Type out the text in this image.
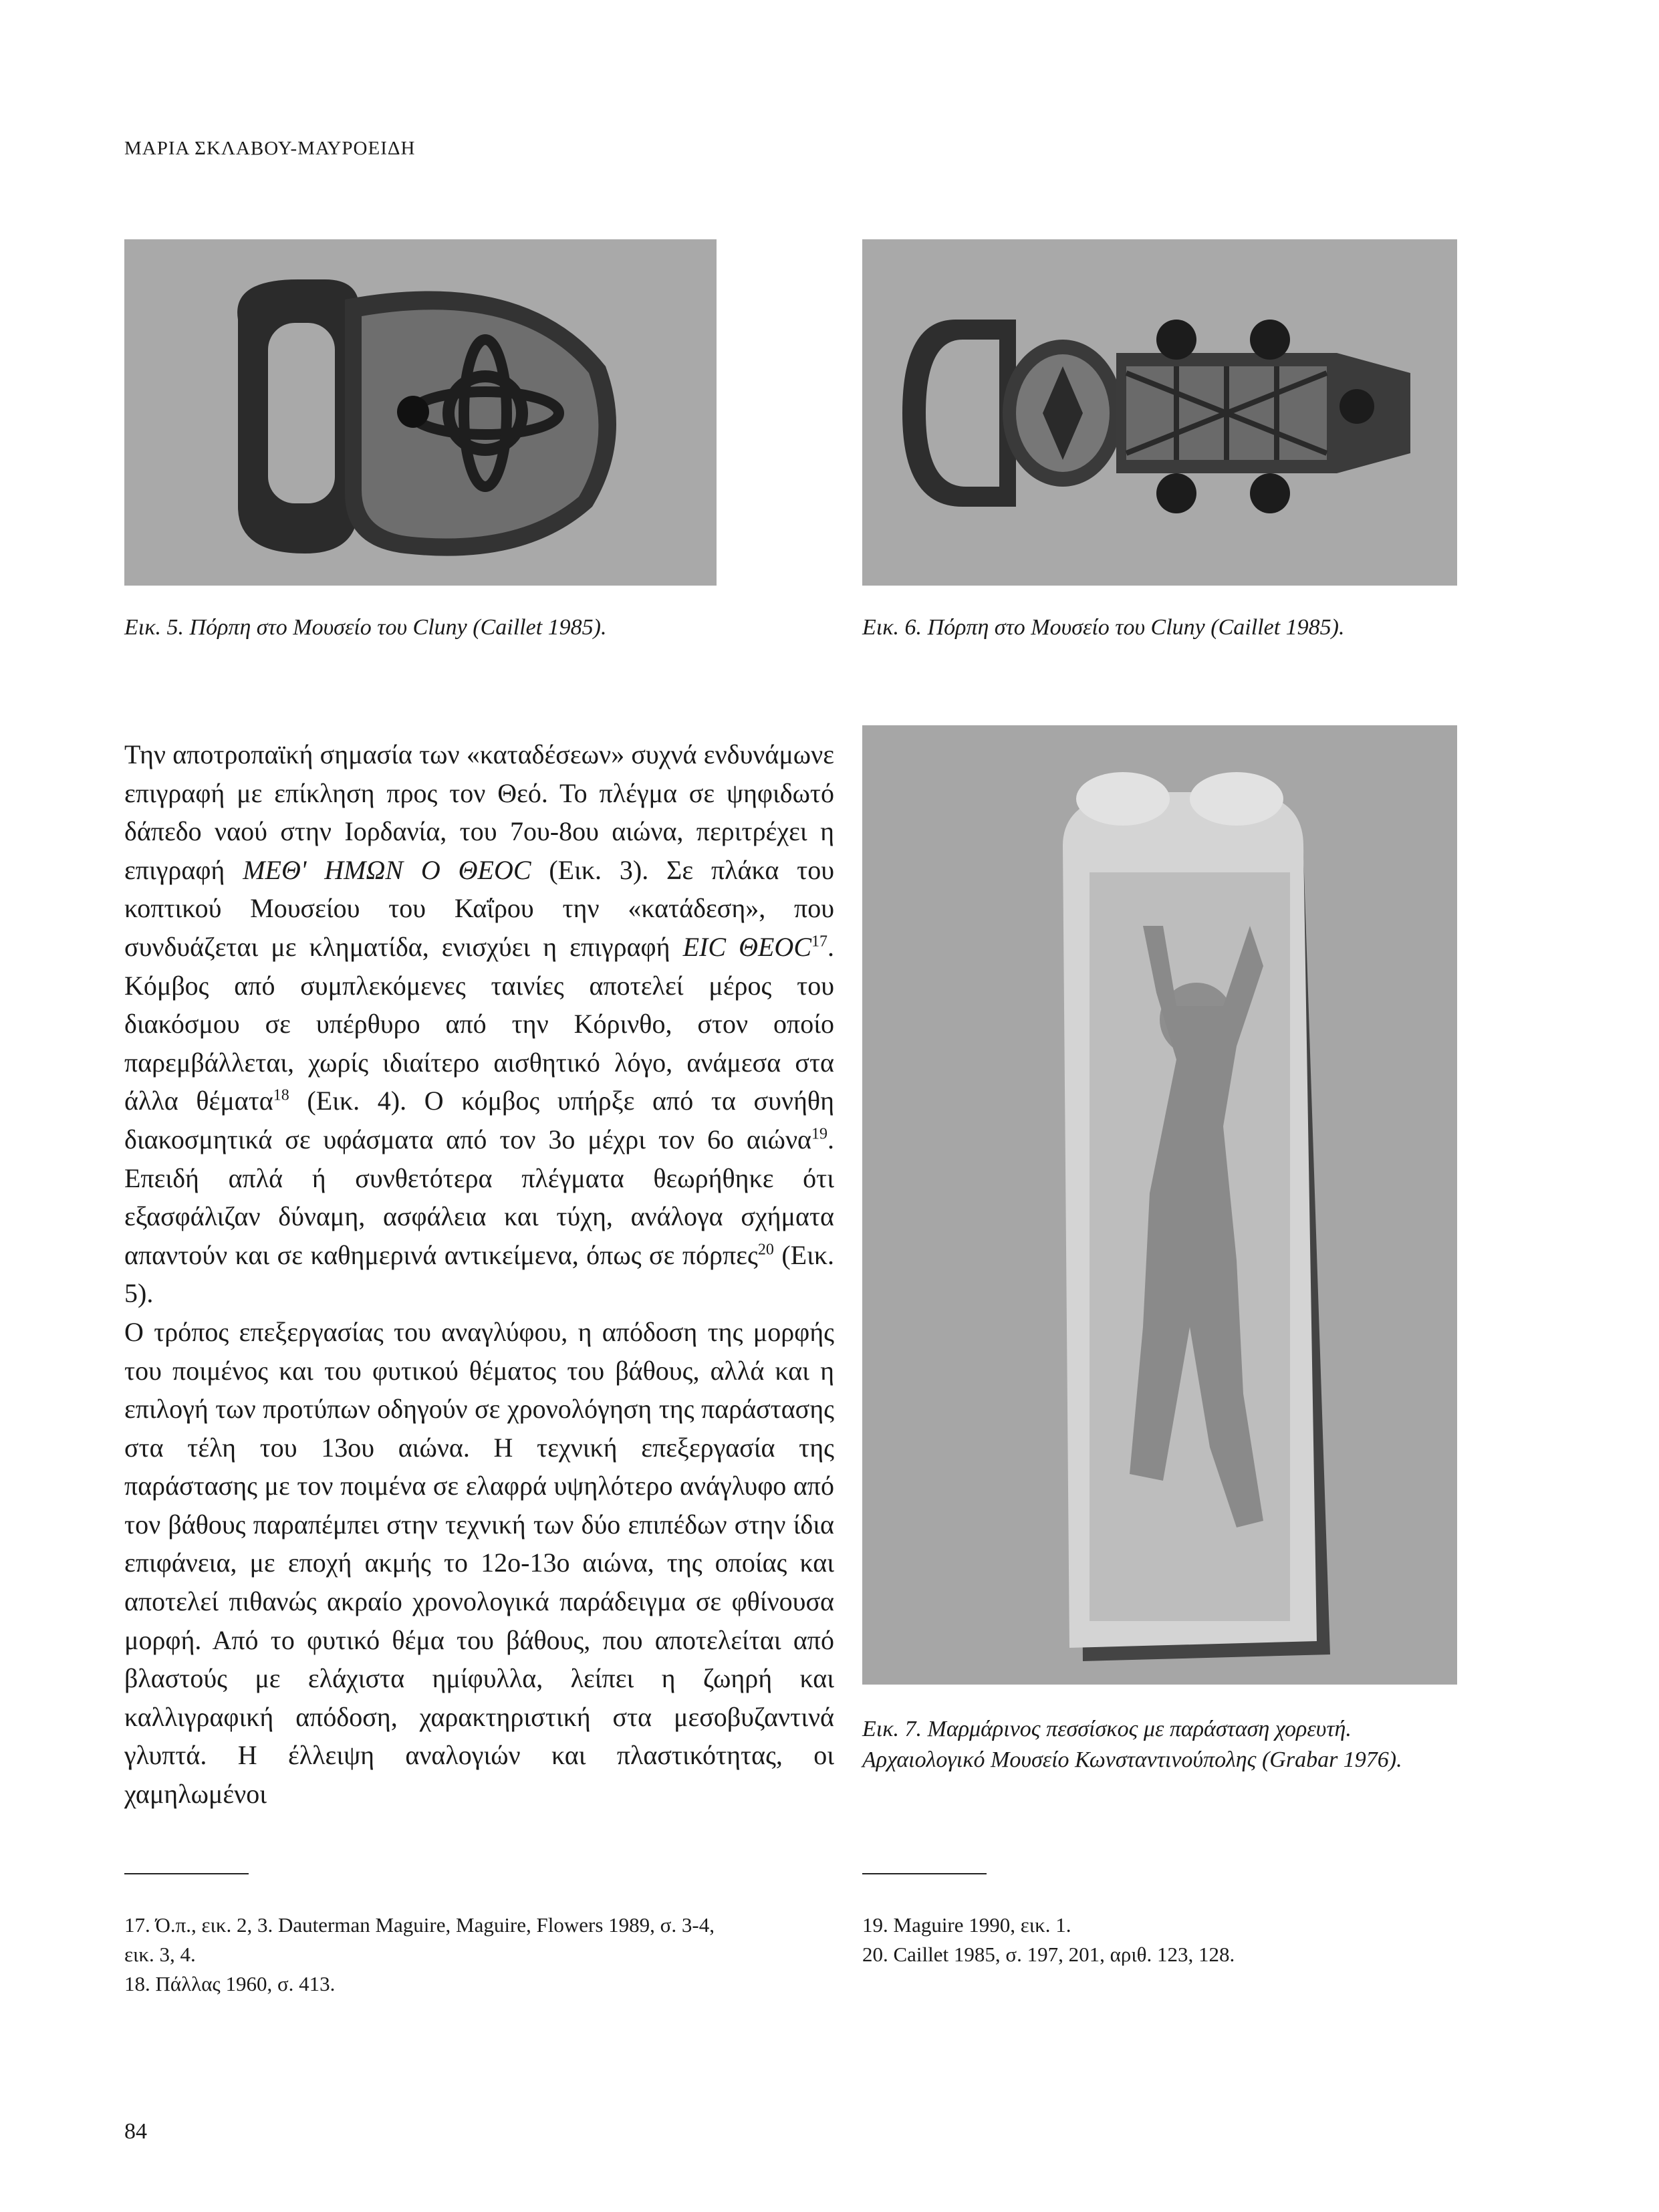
ΜΑΡΙΑ ΣΚΛΑΒΟΥ-ΜΑΥΡΟΕΙΔΗ
Εικ. 5. Πόρπη στο Μουσείο του Cluny (Caillet 1985).	Εικ. 6. Πόρπη στο Μουσείο του Cluny (Caillet 1985).

Την αποτροπαϊκή σημασία των «καταδέσεων» συχνά ενδυνάμωνε επιγραφή με επίκληση προς τον Θεό. Το πλέγμα σε ψηφιδωτό δάπεδο ναού στην Ιορδανία, του 7ου-8ου αιώνα, περιτρέχει η επιγραφή ΜΕΘ' ΗΜΩΝ Ο ΘΕΟC (Εικ. 3). Σε πλάκα του κοπτικού Μουσείου του Καΐρου την «κατάδεση», που συνδυάζεται με κληματίδα, ενισχύει η επιγραφή ΕΙC ΘΕΟC$^{17}$. Κόμβος από συμπλεκόμενες ταινίες αποτελεί μέρος του διακόσμου σε υπέρθυρο από την Κόρινθο, στον οποίο παρεμβάλλεται, χωρίς ιδιαίτερο αισθητικό λόγο, ανάμεσα στα άλλα θέματα$^{18}$ (Εικ. 4). Ο κόμβος υπήρξε από τα συνήθη διακοσμητικά σε υφάσματα από τον 3ο μέχρι τον 6ο αιώνα$^{19}$. Επειδή απλά ή συνθετότερα πλέγματα θεωρήθηκε ότι εξασφάλιζαν δύναμη, ασφάλεια και τύχη, ανάλογα σχήματα απαντούν και σε καθημερινά αντικείμενα, όπως σε πόρπες$^{20}$ (Εικ. 5).

Ο τρόπος επεξεργασίας του αναγλύφου, η απόδοση της μορφής του ποιμένος και του φυτικού θέματος του βάθους, αλλά και η επιλογή των προτύπων οδηγούν σε χρονολόγηση της παράστασης στα τέλη του 13ου αιώνα. Η τεχνική επεξεργασία της παράστασης με τον ποιμένα σε ελαφρά υψηλότερο ανάγλυφο από τον βάθους παραπέμπει στην τεχνική των δύο επιπέδων στην ίδια επιφάνεια, με εποχή ακμής το 12ο-13ο αιώνα, της οποίας και αποτελεί πιθανώς ακραίο χρονολογικά παράδειγμα σε φθίνουσα μορφή. Από το φυτικό θέμα του βάθους, που αποτελείται από βλαστούς με ελάχιστα ημίφυλλα, λείπει η ζωηρή και καλλιγραφική απόδοση, χαρακτηριστική στα μεσοβυζαντινά γλυπτά. Η έλλειψη αναλογιών και πλαστικότητας, οι χαμηλωμένοι

Εικ. 7. Μαρμάρινος πεσσίσκος με παράσταση χορευτή.
Αρχαιολογικό Μουσείο Κωνσταντινούπολης (Grabar 1976).

17. Ό.π., εικ. 2, 3. Dauterman Maguire, Maguire, Flowers 1989, σ. 3-4,

εικ. 3, 4.

18. Πάλλας 1960, σ. 413.

19. Maguire 1990, εικ. 1.

20. Caillet 1985, σ. 197, 201, αριθ. 123, 128.

84
